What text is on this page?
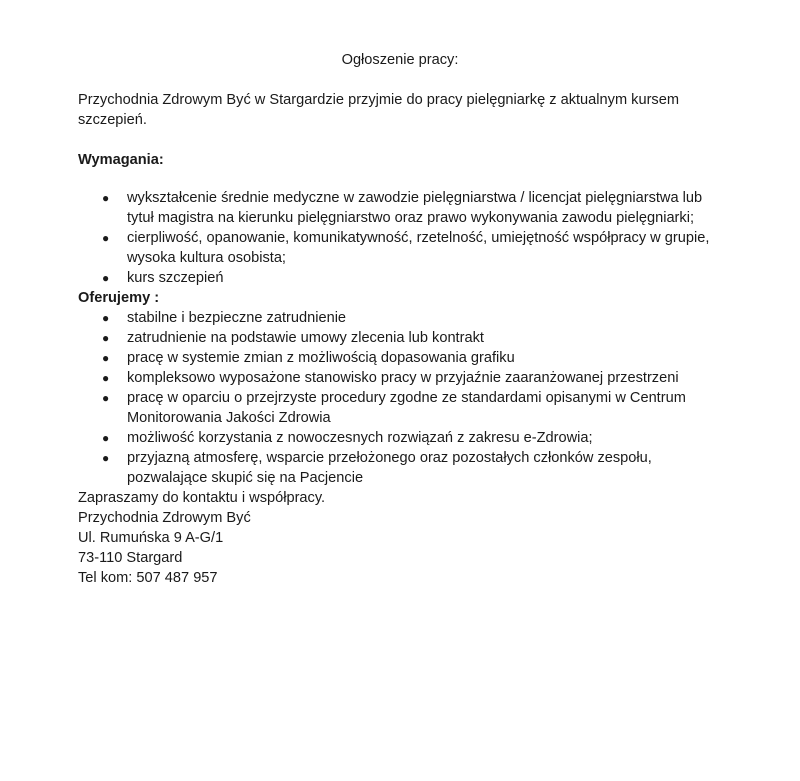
Ogłoszenie pracy:

Przychodnia Zdrowym Być w Stargardzie przyjmie do pracy pielęgniarkę z aktualnym kursem szczepień.

Wymagania:

● wykształcenie średnie medyczne w zawodzie pielęgniarstwa / licencjat pielęgniarstwa lub tytuł magistra na kierunku pielęgniarstwo oraz prawo wykonywania zawodu pielęgniarki;
● cierpliwość, opanowanie, komunikatywność, rzetelność, umiejętność współpracy w grupie, wysoka kultura osobista;
● kurs szczepień

Oferujemy :

● stabilne i bezpieczne zatrudnienie
● zatrudnienie na podstawie umowy zlecenia lub kontrakt
● pracę w systemie zmian z możliwością dopasowania grafiku
● kompleksowo wyposażone stanowisko pracy w przyjaźnie zaaranżowanej przestrzeni
● pracę w oparciu o przejrzyste procedury zgodne ze standardami opisanymi w Centrum Monitorowania Jakości Zdrowia
● możliwość korzystania z nowoczesnych rozwiązań z zakresu e-Zdrowia;
● przyjazną atmosferę, wsparcie przełożonego oraz pozostałych członków zespołu, pozwalające skupić się na Pacjencie

Zapraszamy do kontaktu i współpracy.

Przychodnia Zdrowym Być

Ul. Rumuńska 9 A-G/1

73-110 Stargard

Tel kom: 507 487 957
